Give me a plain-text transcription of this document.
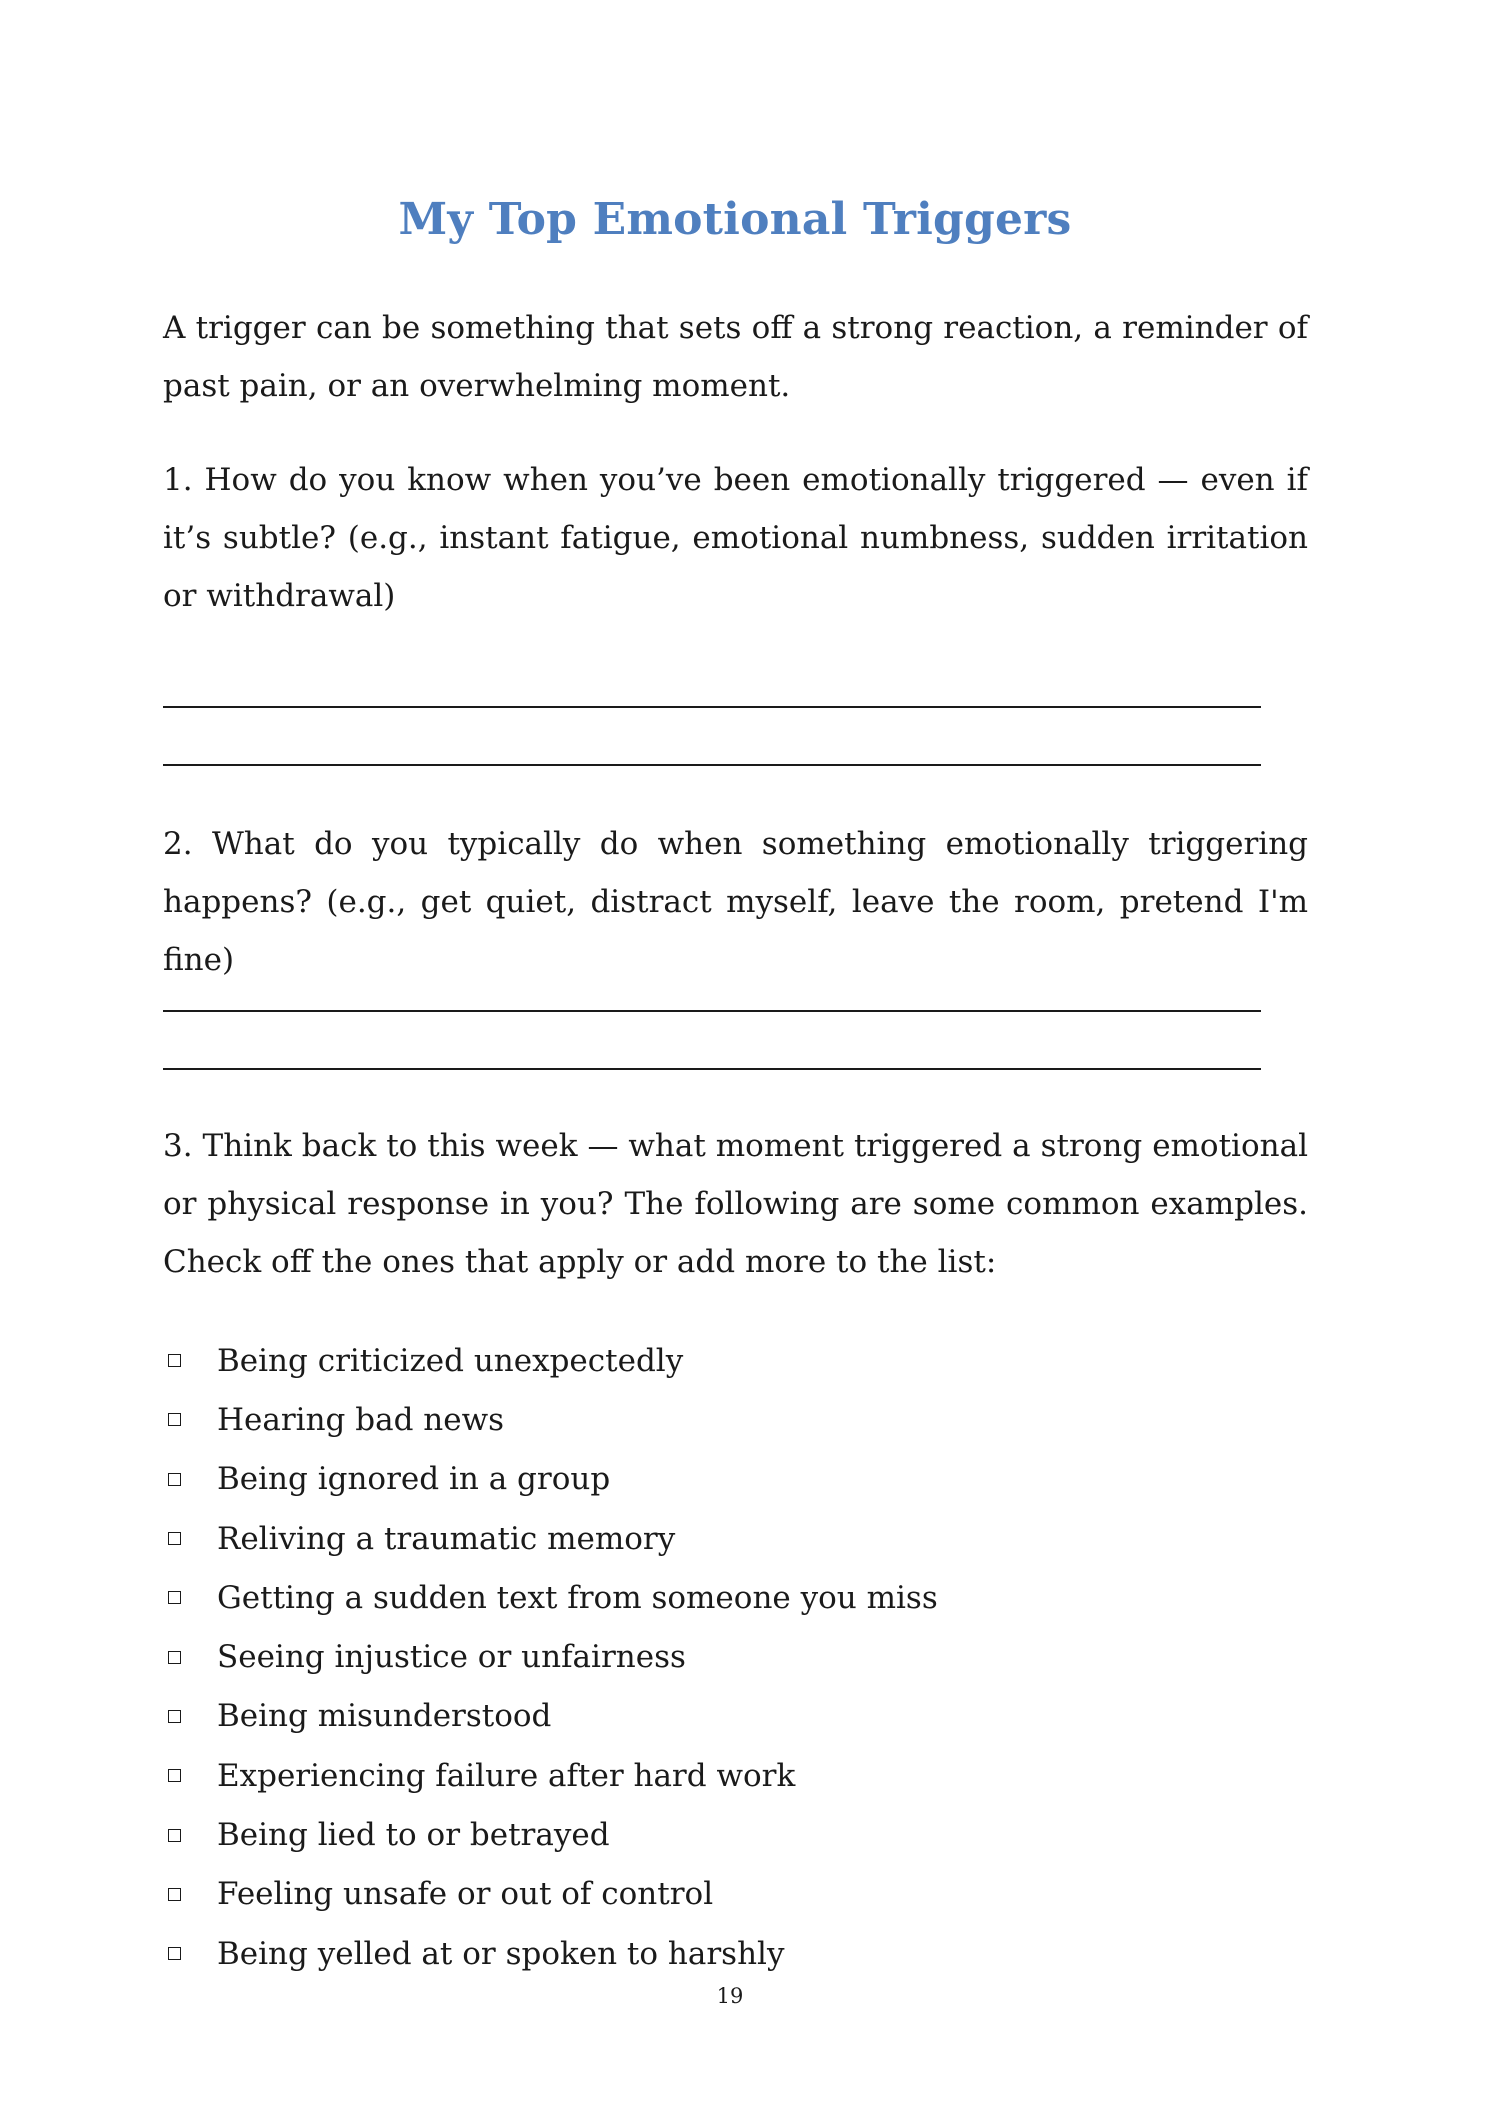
My Top Emotional Triggers
A trigger can be something that sets off a strong reaction, a reminder of past pain, or an overwhelming moment.
1. How do you know when you’ve been emotionally triggered — even if it’s subtle? (e.g., instant fatigue, emotional numbness, sudden irritation or withdrawal)
2. What do you typically do when something emotionally triggering happens? (e.g., get quiet, distract myself, leave the room, pretend I'm fine)
3. Think back to this week — what moment triggered a strong emotional or physical response in you? The following are some common examples. Check off the ones that apply or add more to the list:
Being criticized unexpectedly
Hearing bad news
Being ignored in a group
Reliving a traumatic memory
Getting a sudden text from someone you miss
Seeing injustice or unfairness
Being misunderstood
Experiencing failure after hard work
Being lied to or betrayed
Feeling unsafe or out of control
Being yelled at or spoken to harshly
19
